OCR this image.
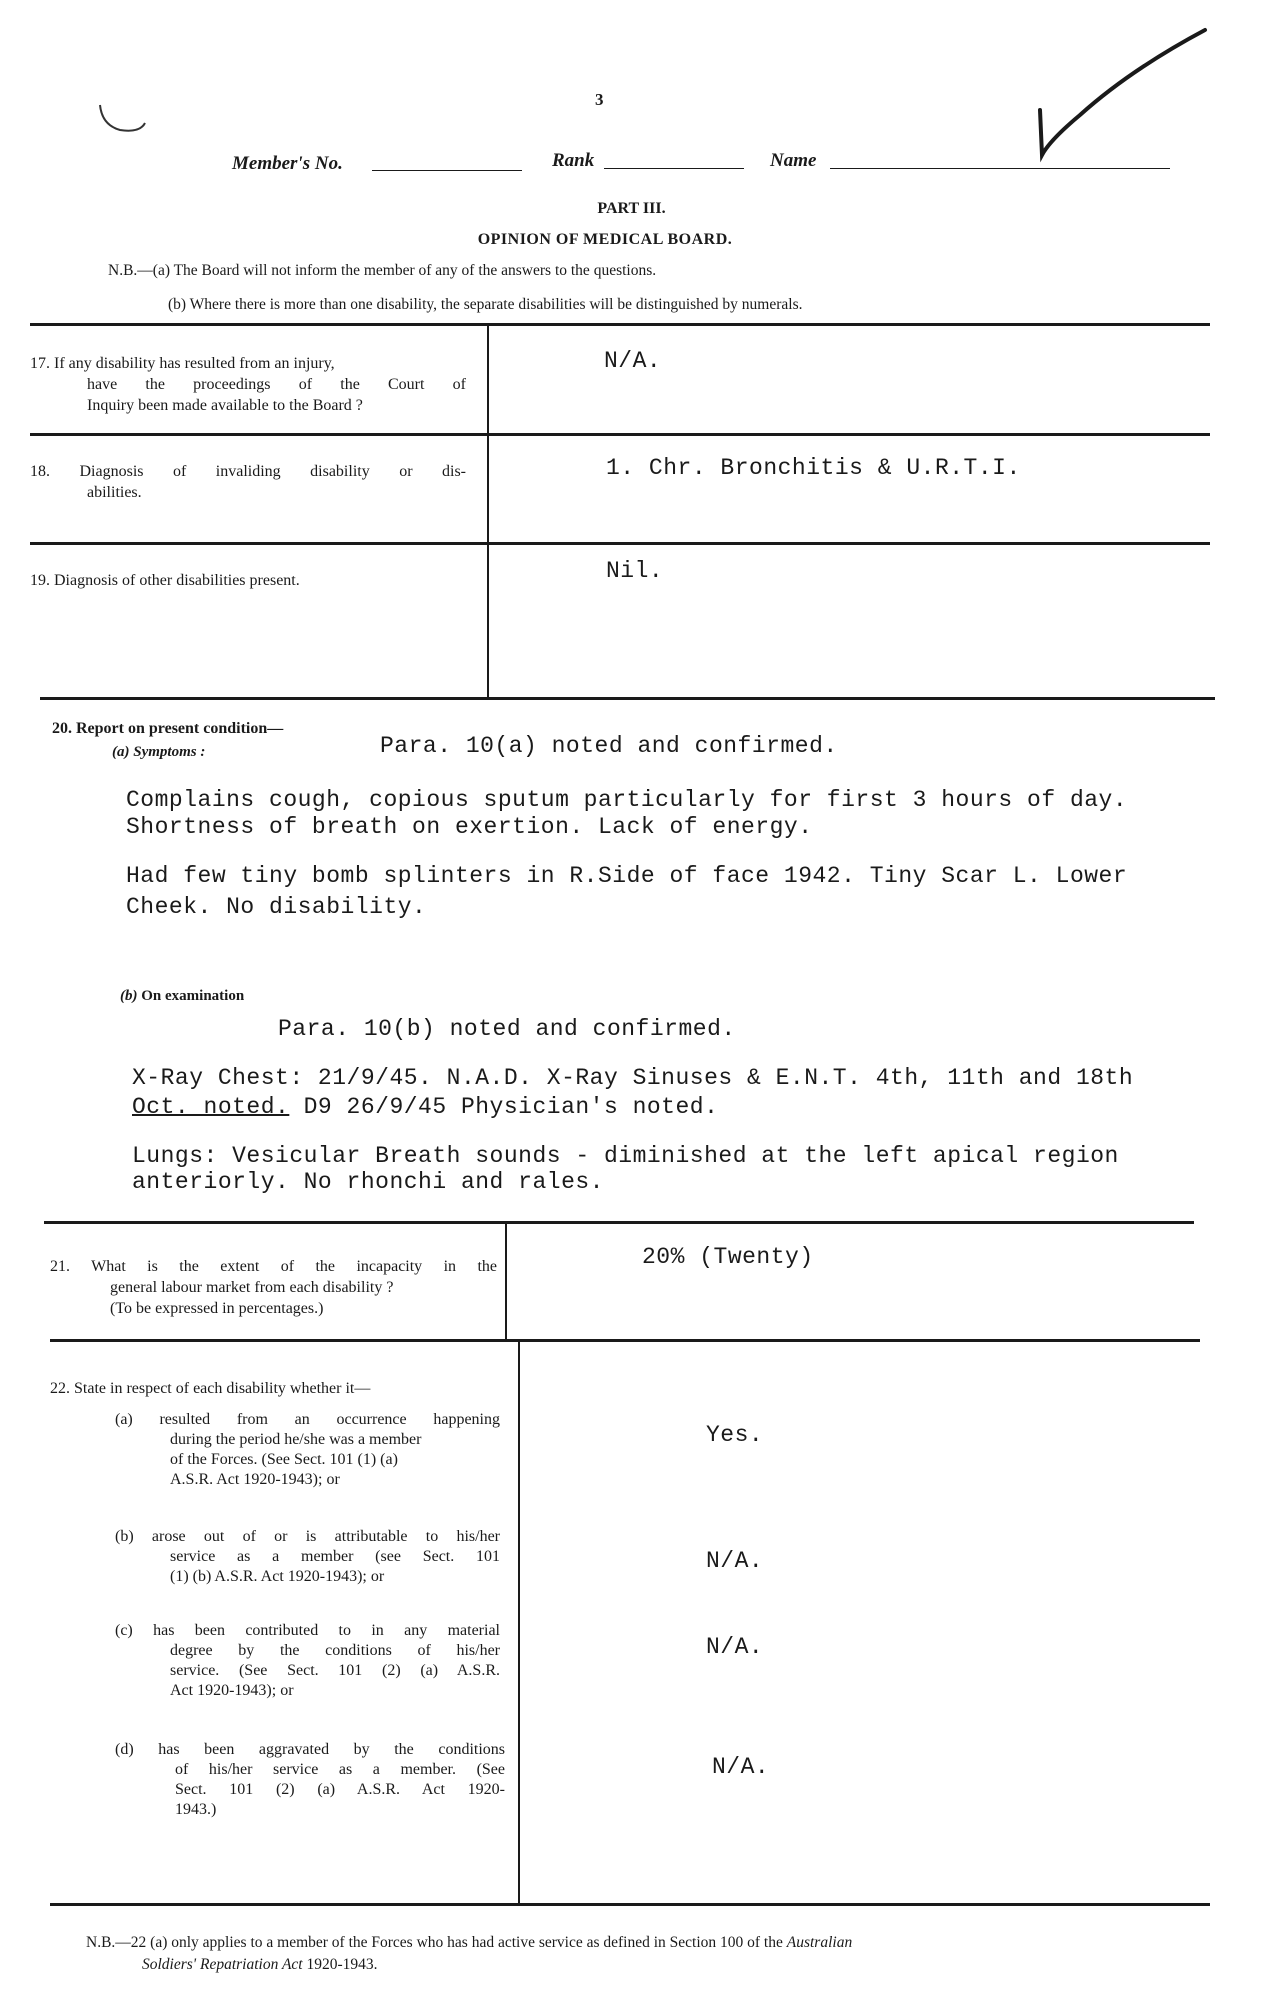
3
Member's No.	Rank	Name
PART III.
OPINION OF MEDICAL BOARD.
N.B.—(a) The Board will not inform the member of any of the answers to the questions.
(b) Where there is more than one disability, the separate disabilities will be distinguished by numerals.
17. If any disability has resulted from an injury,
have the proceedings of the Court of
Inquiry been made available to the Board ?
N/A.
18. Diagnosis of invaliding disability or dis-
abilities.
1. Chr. Bronchitis & U.R.T.I.
19. Diagnosis of other disabilities present.	Nil.
20. Report on present condition—
(a) Symptoms :	Para. 10(a) noted and confirmed.
Complains cough, copious sputum particularly for first 3 hours of day.
Shortness of breath on exertion. Lack of energy.
Had few tiny bomb splinters in R.Side of face 1942. Tiny Scar L. Lower
Cheek. No disability.
(b) On examination
Para. 10(b) noted and confirmed.
X-Ray Chest: 21/9/45. N.A.D. X-Ray Sinuses & E.N.T. 4th, 11th and 18th
Oct. noted. D9 26/9/45 Physician's noted.
Lungs: Vesicular Breath sounds - diminished at the left apical region
anteriorly. No rhonchi and rales.
21. What is the extent of the incapacity in the
general labour market from each disability ?
(To be expressed in percentages.)
20% (Twenty)
22. State in respect of each disability whether it—
(a) resulted from an occurrence happening
during the period he/she was a member
of the Forces. (See Sect. 101 (1) (a)
A.S.R. Act 1920-1943); or
Yes.
(b) arose out of or is attributable to his/her
service as a member (see Sect. 101
(1) (b) A.S.R. Act 1920-1943); or
N/A.
(c) has been contributed to in any material
degree by the conditions of his/her
service. (See Sect. 101 (2) (a) A.S.R.
Act 1920-1943); or
N/A.
(d) has been aggravated by the conditions
of his/her service as a member. (See
Sect. 101 (2) (a) A.S.R. Act 1920-
1943.)
N/A.
N.B.—22 (a) only applies to a member of the Forces who has had active service as defined in Section 100 of the Australian
Soldiers' Repatriation Act 1920-1943.
